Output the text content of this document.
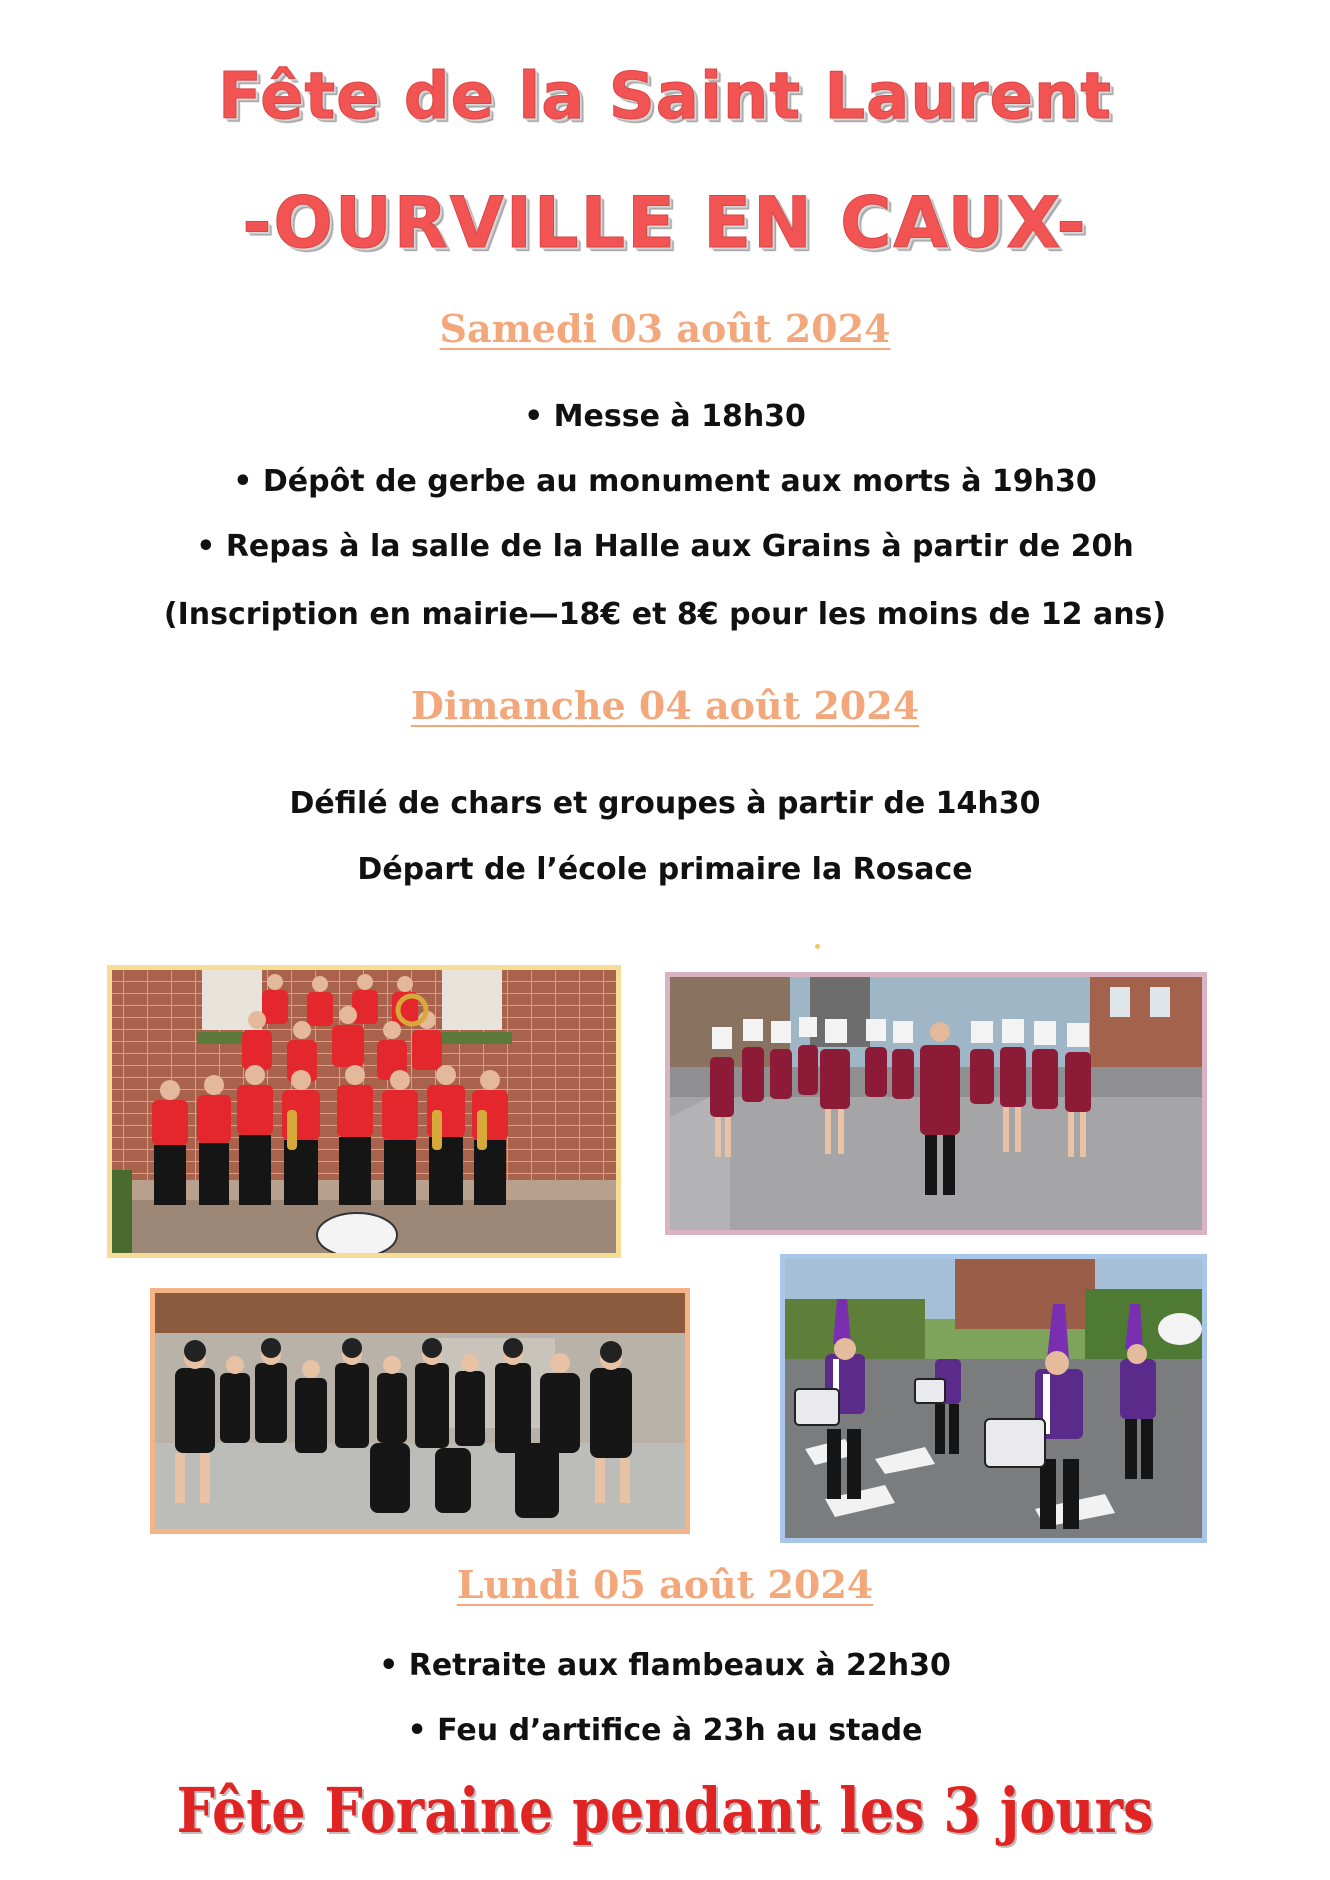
Fête de la Saint Laurent
-OURVILLE EN CAUX-
Samedi 03 août 2024
• Messe à 18h30
• Dépôt de gerbe au monument aux morts à 19h30
• Repas à la salle de la Halle aux Grains à partir de 20h
(Inscription en mairie—18€ et 8€ pour les moins de 12 ans)
Dimanche 04 août 2024
Défilé de chars et groupes à partir de 14h30
Départ de l’école primaire la Rosace
Lundi 05 août 2024
• Retraite aux flambeaux à 22h30
• Feu d’artifice à 23h au stade
Fête Foraine pendant les 3 jours
